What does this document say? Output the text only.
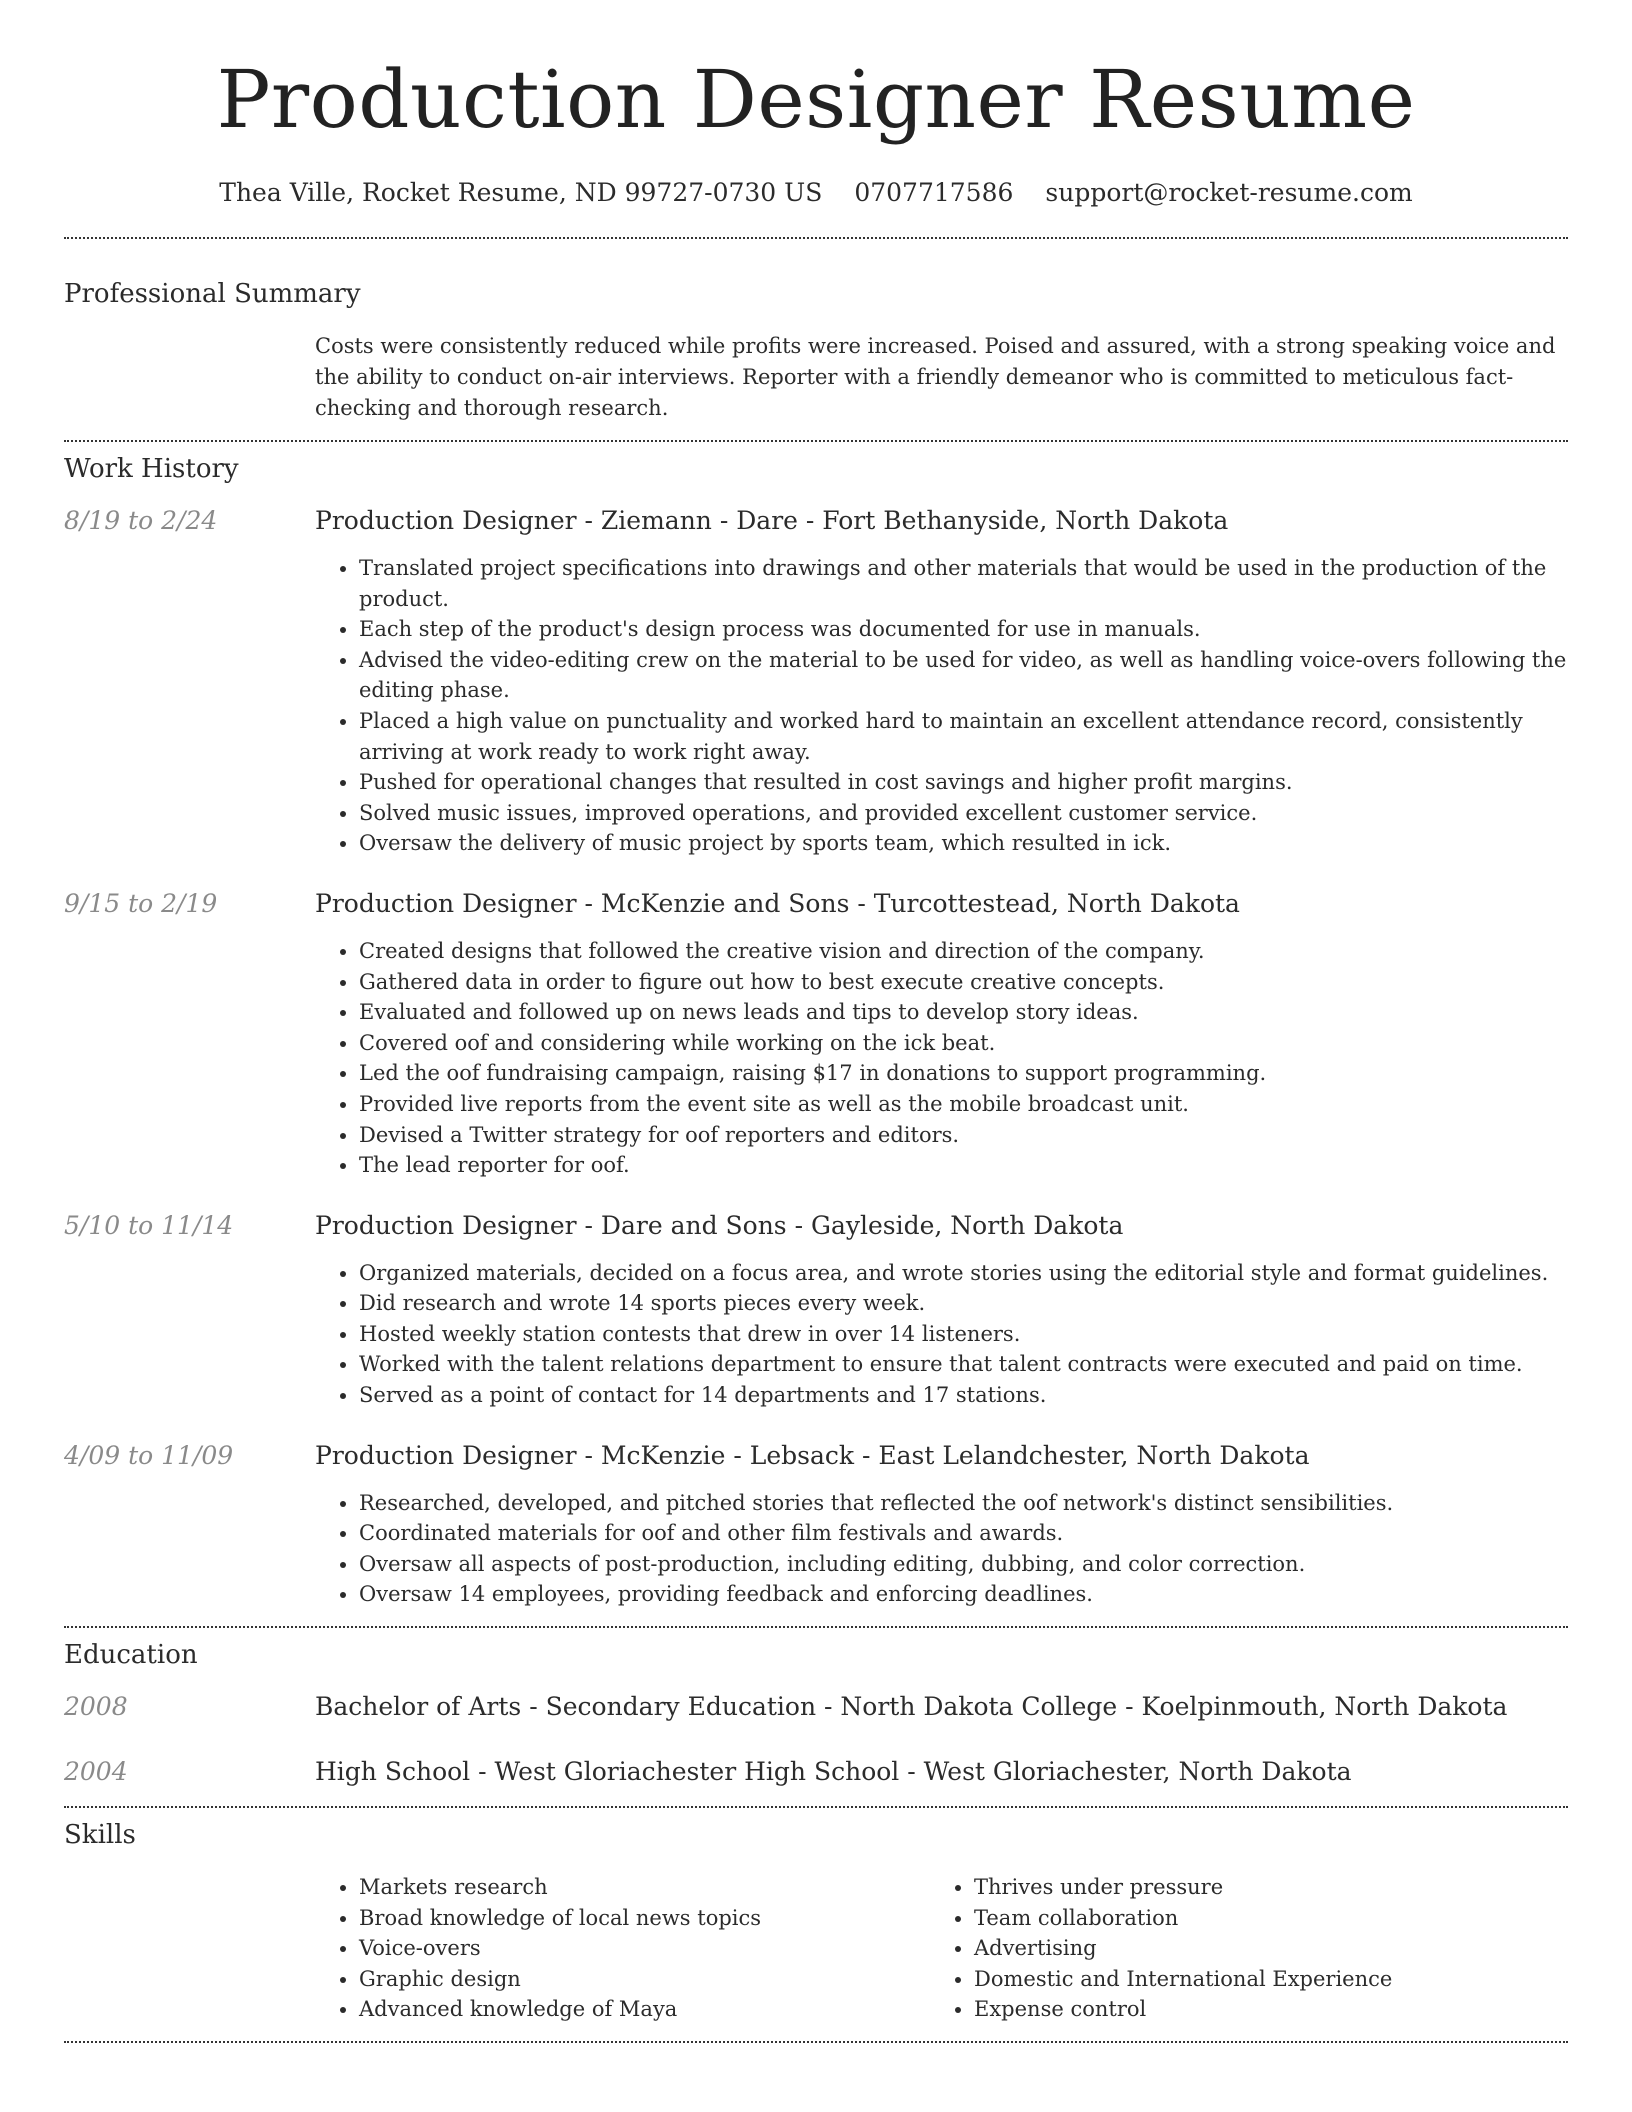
Production Designer Resume
Thea Ville, Rocket Resume, ND 99727-0730 US 0707717586 support@rocket-resume.com
Professional Summary
Costs were consistently reduced while profits were increased. Poised and assured, with a strong speaking voice and the ability to conduct on-air interviews. Reporter with a friendly demeanor who is committed to meticulous fact-checking and thorough research.
Work History
8/19 to 2/24	Production Designer - Ziemann - Dare - Fort Bethanyside, North Dakota
• Translated project specifications into drawings and other materials that would be used in the production of the product.
• Each step of the product's design process was documented for use in manuals.
• Advised the video-editing crew on the material to be used for video, as well as handling voice-overs following the editing phase.
• Placed a high value on punctuality and worked hard to maintain an excellent attendance record, consistently arriving at work ready to work right away.
• Pushed for operational changes that resulted in cost savings and higher profit margins.
• Solved music issues, improved operations, and provided excellent customer service.
• Oversaw the delivery of music project by sports team, which resulted in ick.
9/15 to 2/19	Production Designer - McKenzie and Sons - Turcottestead, North Dakota
• Created designs that followed the creative vision and direction of the company.
• Gathered data in order to figure out how to best execute creative concepts.
• Evaluated and followed up on news leads and tips to develop story ideas.
• Covered oof and considering while working on the ick beat.
• Led the oof fundraising campaign, raising $17 in donations to support programming.
• Provided live reports from the event site as well as the mobile broadcast unit.
• Devised a Twitter strategy for oof reporters and editors.
• The lead reporter for oof.
5/10 to 11/14	Production Designer - Dare and Sons - Gayleside, North Dakota
• Organized materials, decided on a focus area, and wrote stories using the editorial style and format guidelines.
• Did research and wrote 14 sports pieces every week.
• Hosted weekly station contests that drew in over 14 listeners.
• Worked with the talent relations department to ensure that talent contracts were executed and paid on time.
• Served as a point of contact for 14 departments and 17 stations.
4/09 to 11/09	Production Designer - McKenzie - Lebsack - East Lelandchester, North Dakota
• Researched, developed, and pitched stories that reflected the oof network's distinct sensibilities.
• Coordinated materials for oof and other film festivals and awards.
• Oversaw all aspects of post-production, including editing, dubbing, and color correction.
• Oversaw 14 employees, providing feedback and enforcing deadlines.
Education
2008	Bachelor of Arts - Secondary Education - North Dakota College - Koelpinmouth, North Dakota
2004	High School - West Gloriachester High School - West Gloriachester, North Dakota
Skills
• Markets research
• Broad knowledge of local news topics
• Voice-overs
• Graphic design
• Advanced knowledge of Maya
• Thrives under pressure
• Team collaboration
• Advertising
• Domestic and International Experience
• Expense control
